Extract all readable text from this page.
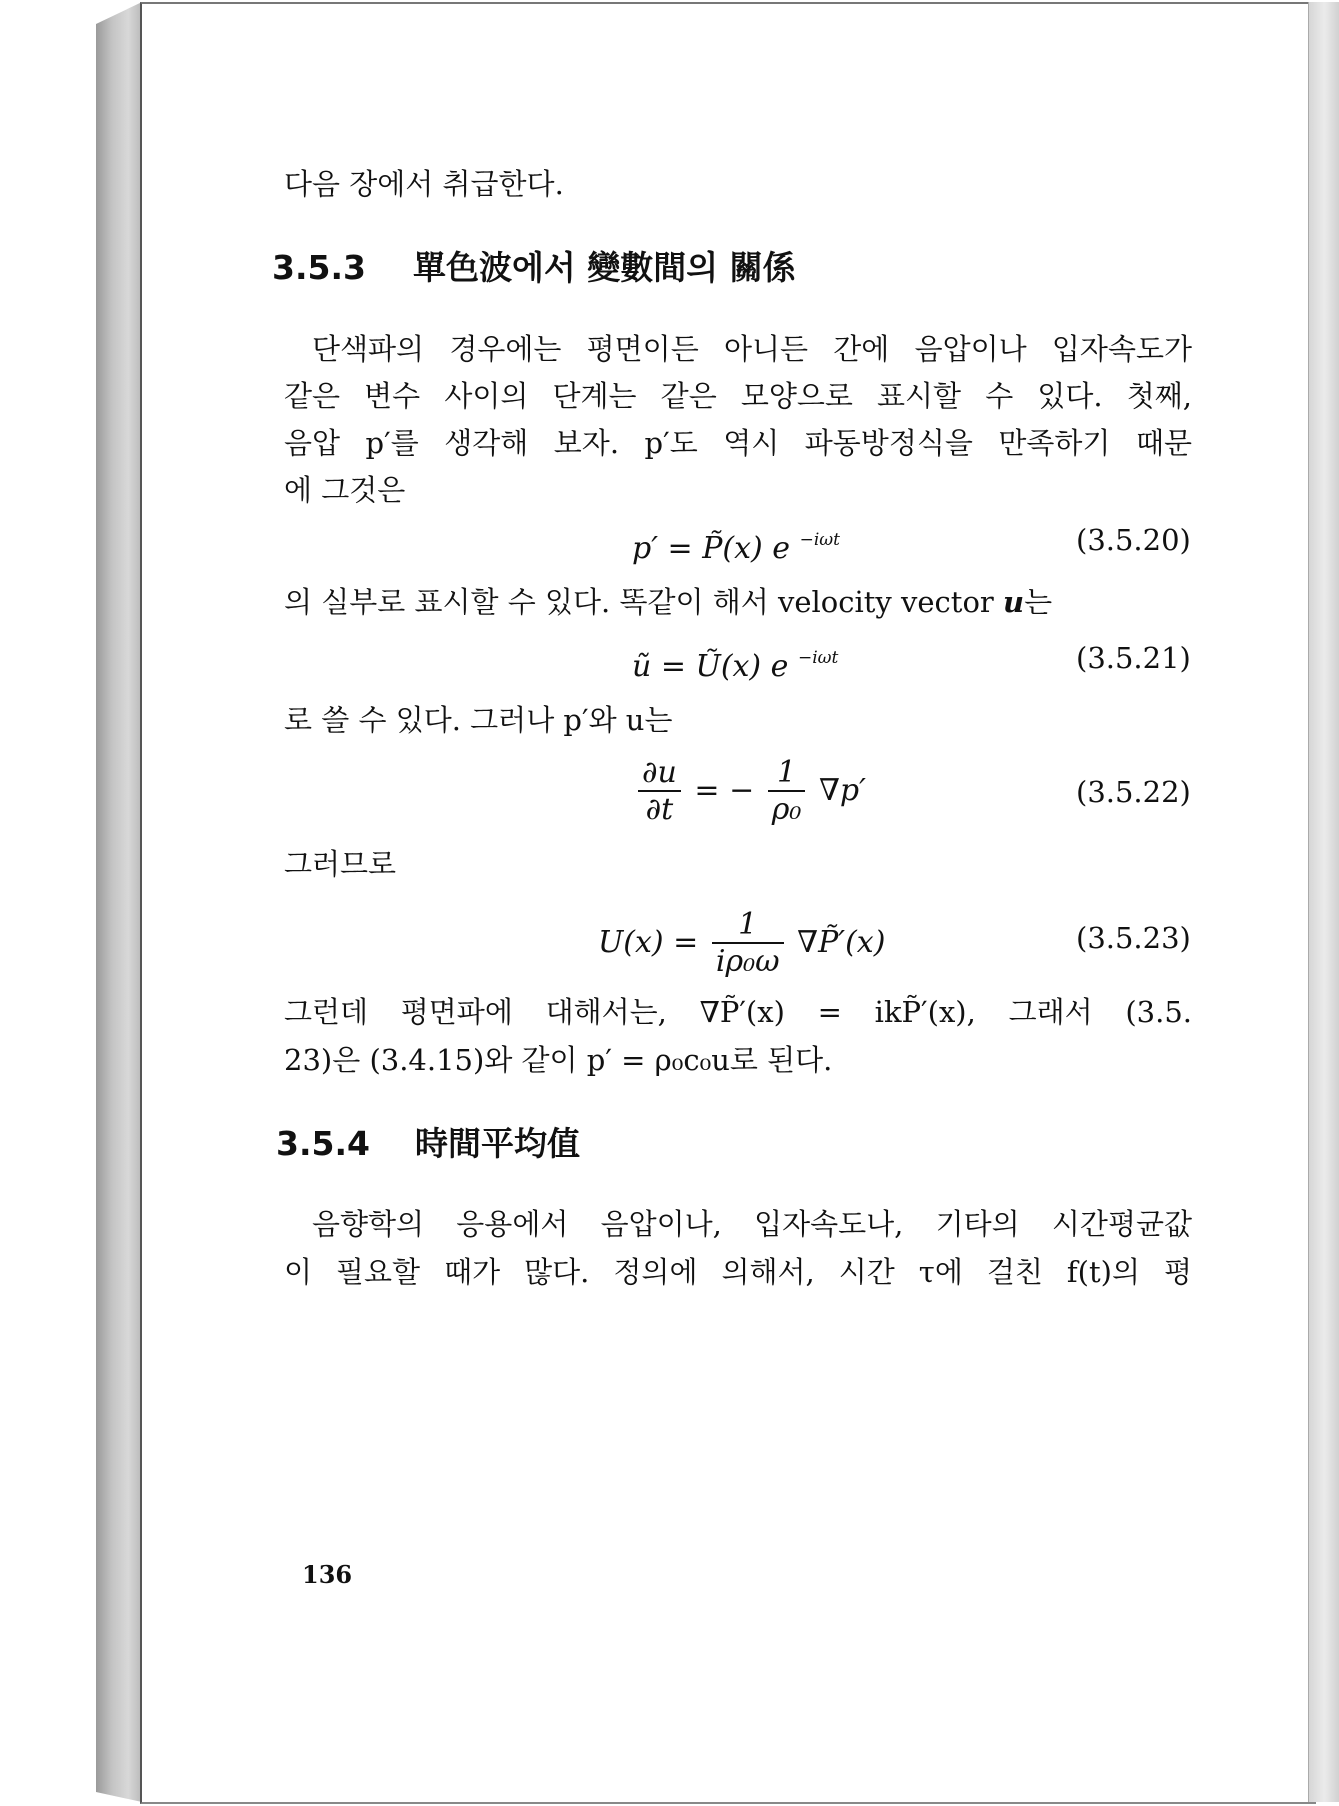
다음 장에서 취급한다.
3.5.3 單色波에서 變數間의 關係
단색파의 경우에는 평면이든 아니든 간에 음압이나 입자속도가
같은 변수 사이의 단계는 같은 모양으로 표시할 수 있다. 첫째,
음압 p′를 생각해 보자. p′도 역시 파동방정식을 만족하기 때문
에 그것은
p′ = P̃(x) e $^{-i\omega t}$	(3.5.20)
의 실부로 표시할 수 있다. 똑같이 해서 velocity vector u는
ũ = Ũ(x) e $^{-i\omega t}$	(3.5.21)
로 쓸 수 있다. 그러나 p′와 u는
$\frac{\partial u}{\partial t}$ = − $\frac{1}{\text{ρ₀}} \nabla p'$	(3.5.22)
그러므로
$U(x) = \frac{1}{\text{iρ₀ω}}$ ∇P̃′(x)	(3.5.23)
그런데 평면파에 대해서는, ∇P̃′(x) = ikP̃′(x), 그래서 (3.5.
23)은 (3.4.15)와 같이 p′ = ρ₀c₀u로 된다.
3.5.4 時間平均值
음향학의 응용에서 음압이나, 입자속도나, 기타의 시간평균값
이 필요할 때가 많다. 정의에 의해서, 시간 τ에 걸친 f(t)의 평
136
